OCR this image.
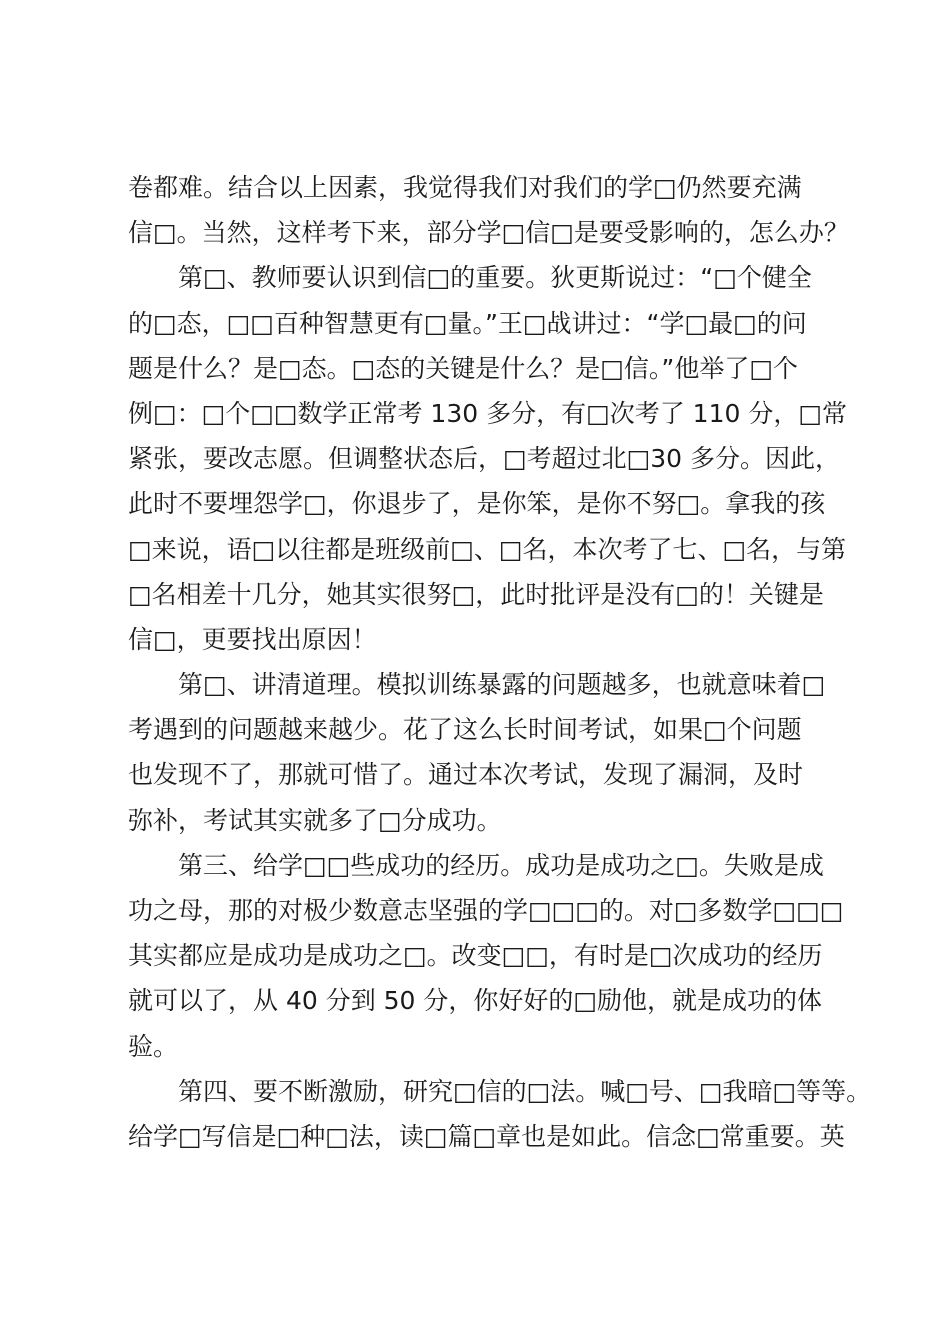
卷都难。结合以上因素，我觉得我们对我们的学□仍然要充满
信□。当然，这样考下来，部分学□信□是要受影响的，怎么办？
第□、教师要认识到信□的重要。狄更斯说过：“□个健全
的□态，□□百种智慧更有□量。”王□战讲过：“学□最□的问
题是什么？是□态。□态的关键是什么？是□信。”他举了□个
例□：□个□□数学正常考 130 多分，有□次考了 110 分，□常
紧张，要改志愿。但调整状态后，□考超过北□30 多分。因此，
此时不要埋怨学□，你退步了，是你笨，是你不努□。拿我的孩
□来说，语□以往都是班级前□、□名，本次考了七、□名，与第
□名相差十几分，她其实很努□，此时批评是没有□的！关键是
信□，更要找出原因！
第□、讲清道理。模拟训练暴露的问题越多，也就意味着□
考遇到的问题越来越少。花了这么长时间考试，如果□个问题
也发现不了，那就可惜了。通过本次考试，发现了漏洞，及时
弥补，考试其实就多了□分成功。
第三、给学□□些成功的经历。成功是成功之□。失败是成
功之母，那的对极少数意志坚强的学□□□的。对□多数学□□□
其实都应是成功是成功之□。改变□□，有时是□次成功的经历
就可以了，从 40 分到 50 分，你好好的□励他，就是成功的体
验。
第四、要不断激励，研究□信的□法。喊□号、□我暗□等等。
给学□写信是□种□法，读□篇□章也是如此。信念□常重要。英
